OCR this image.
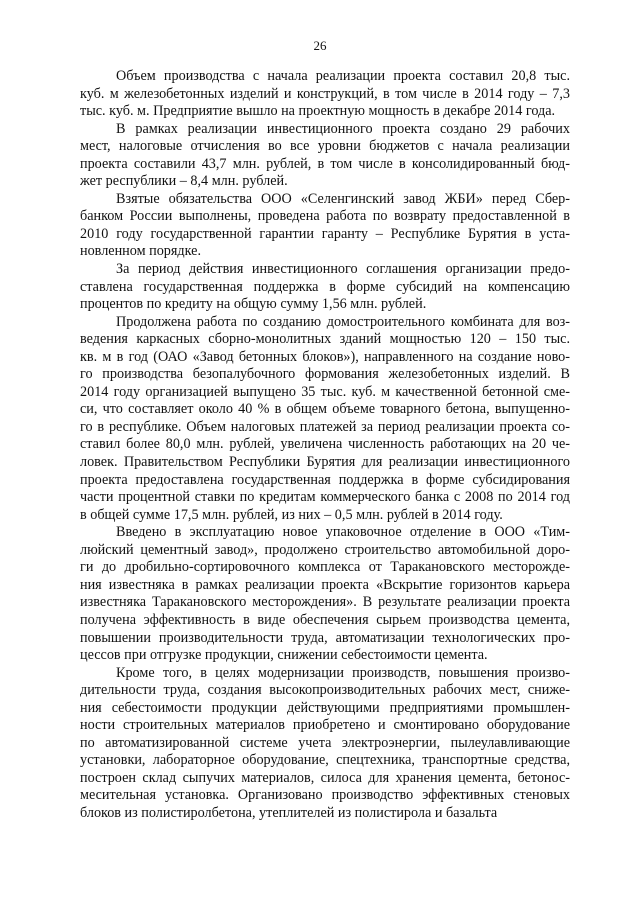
26
Объем производства с начала реализации проекта составил 20,8 тыс.
куб. м железобетонных изделий и конструкций, в том числе в 2014 году – 7,3
тыс. куб. м. Предприятие вышло на проектную мощность в декабре 2014 года.
В рамках реализации инвестиционного проекта создано 29 рабочих
мест, налоговые отчисления во все уровни бюджетов с начала реализации
проекта составили 43,7 млн. рублей, в том числе в консолидированный бюд-
жет республики – 8,4 млн. рублей.
Взятые обязательства ООО «Селенгинский завод ЖБИ» перед Сбер-
банком России выполнены, проведена работа по возврату предоставленной в
2010 году государственной гарантии гаранту – Республике Бурятия в уста-
новленном порядке.
За период действия инвестиционного соглашения организации предо-
ставлена государственная поддержка в форме субсидий на компенсацию
процентов по кредиту на общую сумму 1,56 млн. рублей.
Продолжена работа по созданию домостроительного комбината для воз-
ведения каркасных сборно-монолитных зданий мощностью 120 – 150 тыс.
кв. м в год (ОАО «Завод бетонных блоков»), направленного на создание ново-
го производства безопалубочного формования железобетонных изделий. В
2014 году организацией выпущено 35 тыс. куб. м качественной бетонной сме-
си, что составляет около 40 % в общем объеме товарного бетона, выпущенно-
го в республике. Объем налоговых платежей за период реализации проекта со-
ставил более 80,0 млн. рублей, увеличена численность работающих на 20 че-
ловек. Правительством Республики Бурятия для реализации инвестиционного
проекта предоставлена государственная поддержка в форме субсидирования
части процентной ставки по кредитам коммерческого банка с 2008 по 2014 год
в общей сумме 17,5 млн. рублей, из них – 0,5 млн. рублей в 2014 году.
Введено в эксплуатацию новое упаковочное отделение в ООО «Тим-
люйский цементный завод», продолжено строительство автомобильной доро-
ги до дробильно-сортировочного комплекса от Таракановского месторожде-
ния известняка в рамках реализации проекта «Вскрытие горизонтов карьера
известняка Таракановского месторождения». В результате реализации проекта
получена эффективность в виде обеспечения сырьем производства цемента,
повышении производительности труда, автоматизации технологических про-
цессов при отгрузке продукции, снижении себестоимости цемента.
Кроме того, в целях модернизации производств, повышения произво-
дительности труда, создания высокопроизводительных рабочих мест, сниже-
ния себестоимости продукции действующими предприятиями промышлен-
ности строительных материалов приобретено и смонтировано оборудование
по автоматизированной системе учета электроэнергии, пылеулавливающие
установки, лабораторное оборудование, спецтехника, транспортные средства,
построен склад сыпучих материалов, силоса для хранения цемента, бетонос-
месительная установка. Организовано производство эффективных стеновых
блоков из полистиролбетона, утеплителей из полистирола и базальта
